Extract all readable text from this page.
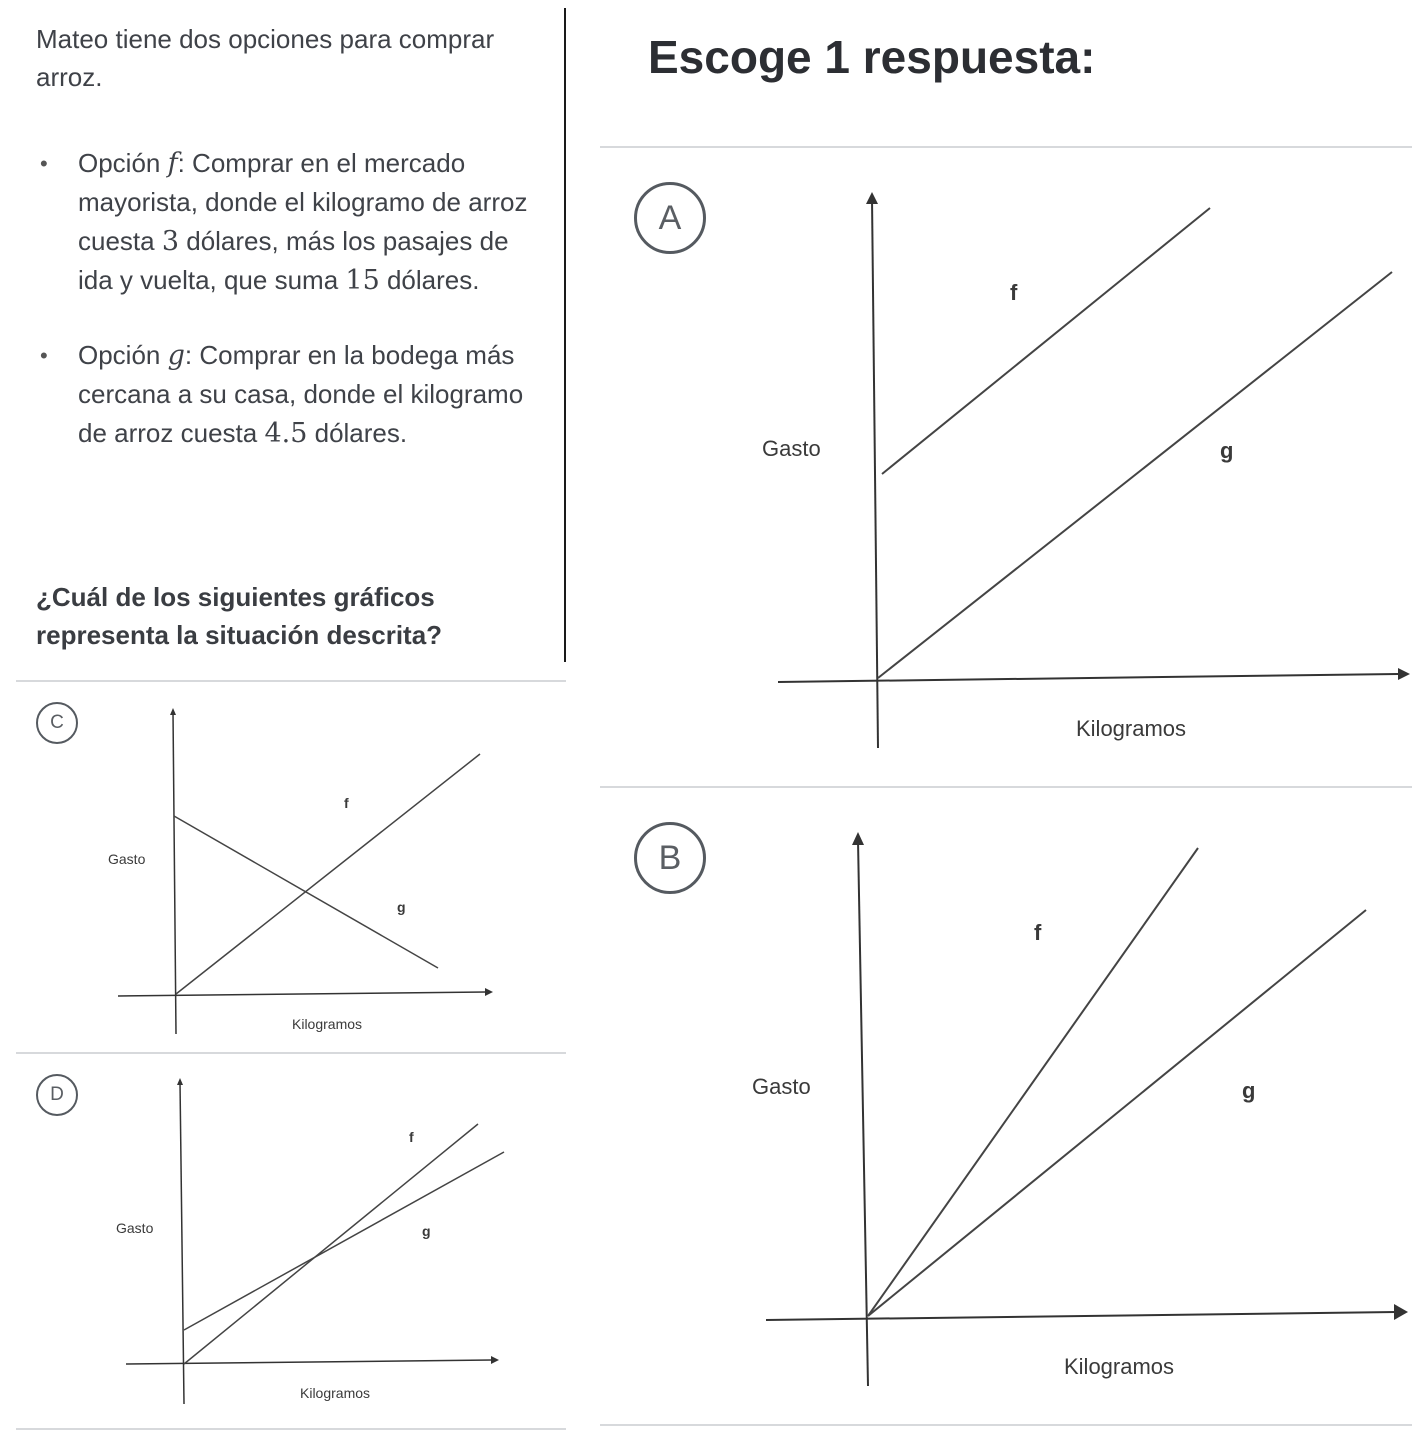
Mateo tiene dos opciones para comprar arroz.
• Opción f: Comprar en el mercado mayorista, donde el kilogramo de arroz cuesta 3 dólares, más los pasajes de ida y vuelta, que suma 15 dólares.
• Opción g: Comprar en la bodega más cercana a su casa, donde el kilogramo de arroz cuesta 4.5 dólares.
¿Cuál de los siguientes gráficos representa la situación descrita?
Escoge 1 respuesta:
A
Gasto
Kilogramos
f
g
B
Gasto
Kilogramos
f
g
C
Gasto
Kilogramos
f
g
D
Gasto
Kilogramos
f
g
